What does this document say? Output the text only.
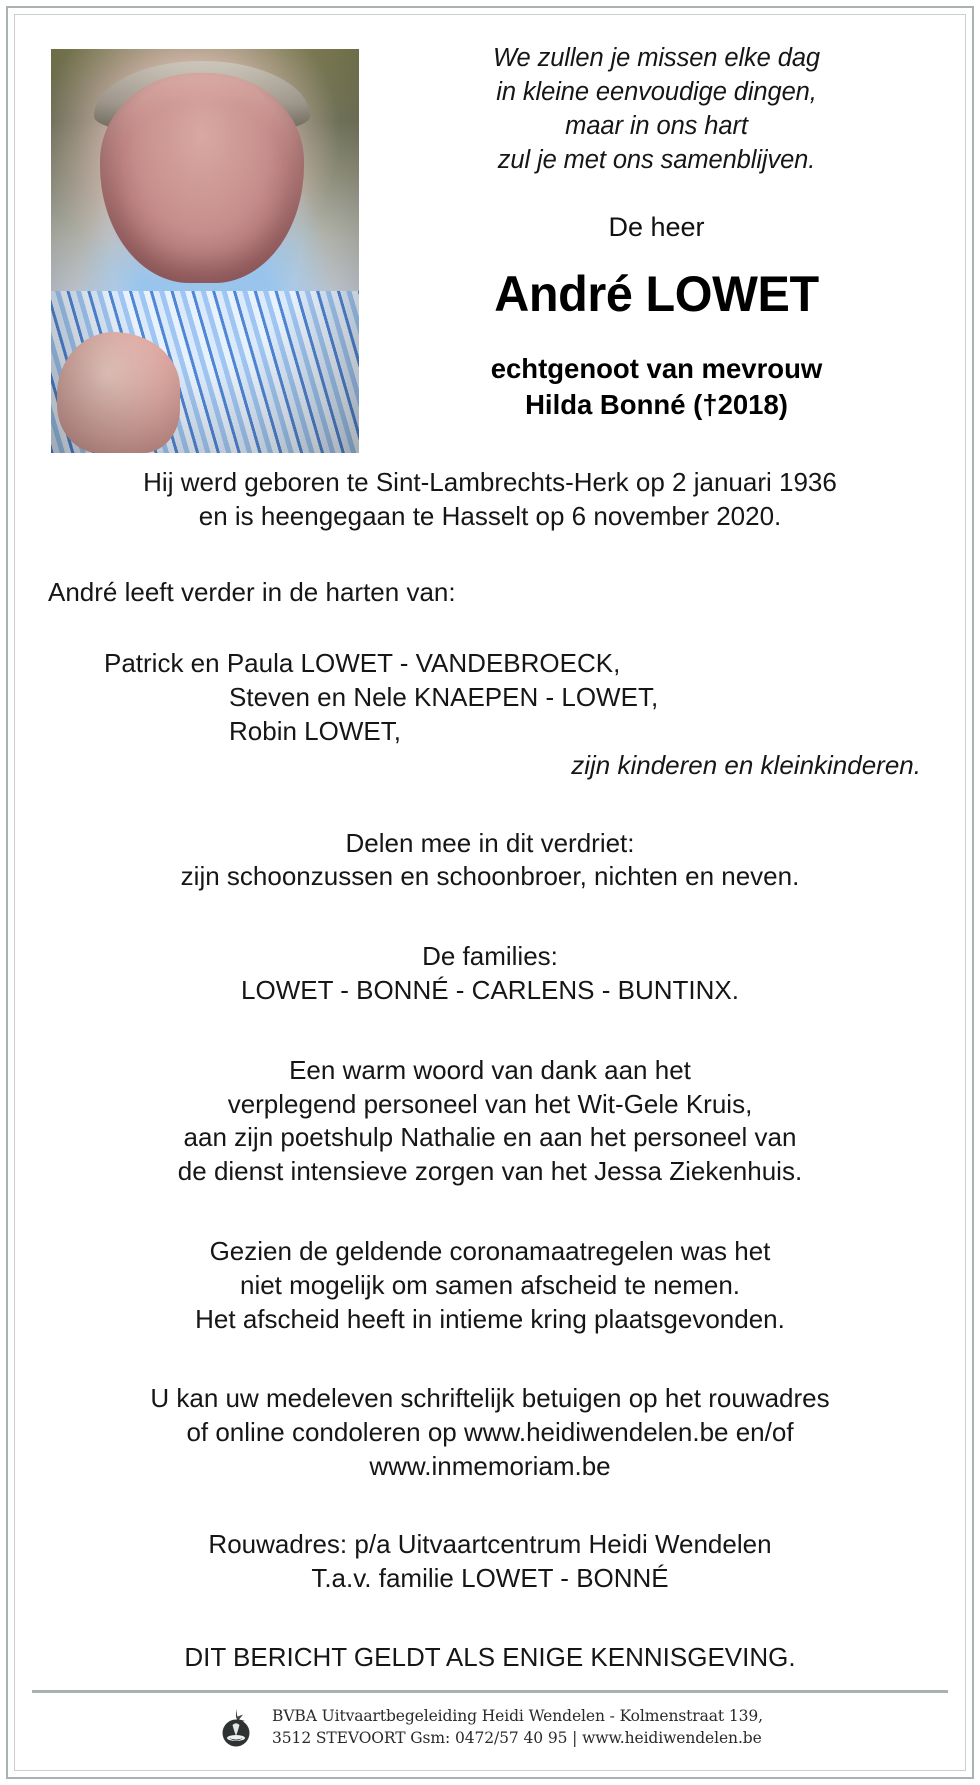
We zullen je missen elke dag
in kleine eenvoudige dingen,
maar in ons hart
zul je met ons samenblijven.
De heer
André LOWET
echtgenoot van mevrouw
Hilda Bonné (†2018)

Hij werd geboren te Sint-Lambrechts-Herk op 2 januari 1936

en is heengegaan te Hasselt op 6 november 2020.

André leeft verder in de harten van:

Patrick en Paula LOWET - VANDEBROECK,

Steven en Nele KNAEPEN - LOWET,

Robin LOWET,

zijn kinderen en kleinkinderen.

Delen mee in dit verdriet:

zijn schoonzussen en schoonbroer, nichten en neven.

De families:

LOWET - BONNÉ - CARLENS - BUNTINX.

Een warm woord van dank aan het

verplegend personeel van het Wit-Gele Kruis,

aan zijn poetshulp Nathalie en aan het personeel van

de dienst intensieve zorgen van het Jessa Ziekenhuis.

Gezien de geldende coronamaatregelen was het

niet mogelijk om samen afscheid te nemen.

Het afscheid heeft in intieme kring plaatsgevonden.

U kan uw medeleven schriftelijk betuigen op het rouwadres

of online condoleren op www.heidiwendelen.be en/of

www.inmemoriam.be

Rouwadres: p/a Uitvaartcentrum Heidi Wendelen

T.a.v. familie LOWET - BONNÉ

DIT BERICHT GELDT ALS ENIGE KENNISGEVING.

BVBA Uitvaartbegeleiding Heidi Wendelen - Kolmenstraat 139,
3512 STEVOORT Gsm: 0472/57 40 95 | www.heidiwendelen.be
